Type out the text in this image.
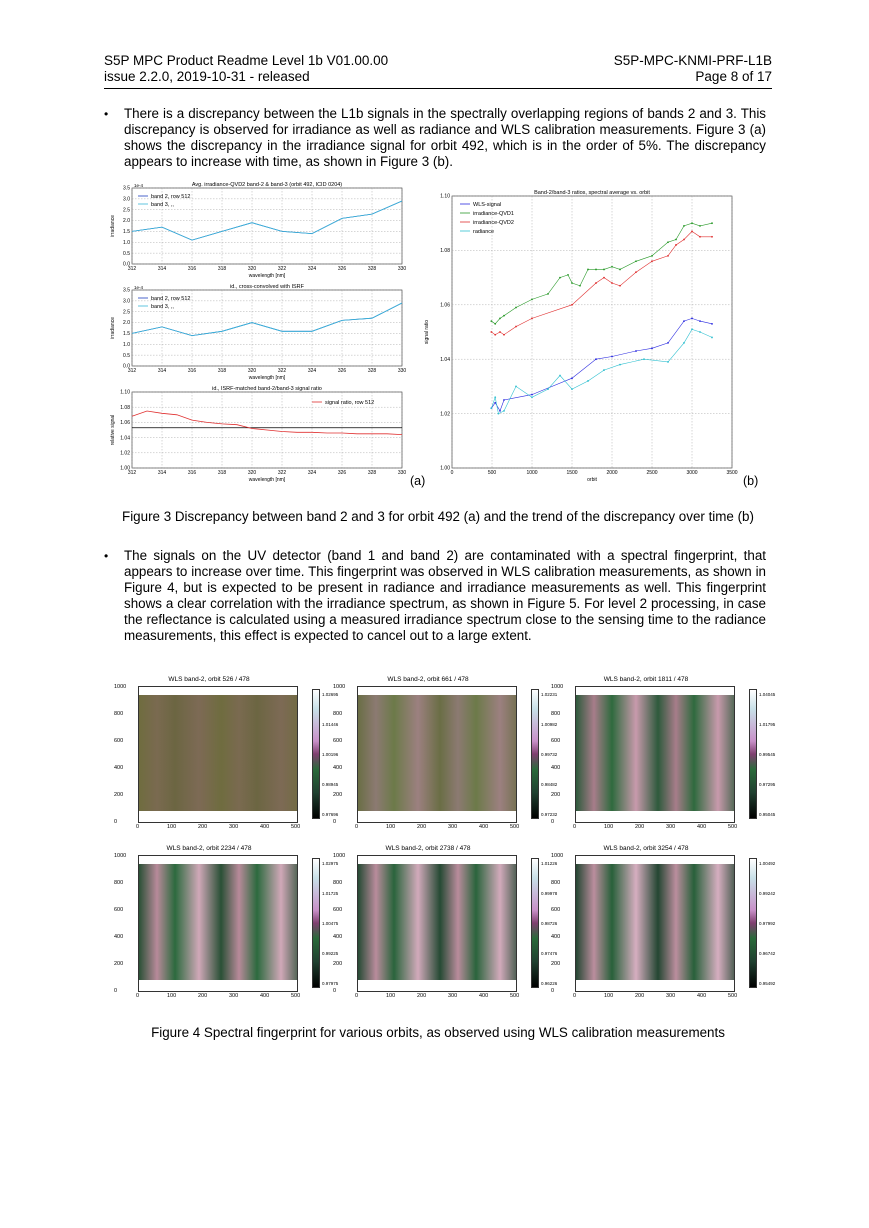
S5P MPC Product Readme Level 1b V01.00.00
issue 2.2.0, 2019-10-31 - released
S5P-MPC-KNMI-PRF-L1B
Page 8 of 17
• There is a discrepancy between the L1b signals in the spectrally overlapping regions of bands 2 and 3. This discrepancy is observed for irradiance as well as radiance and WLS calibration measurements. Figure 3 (a) shows the discrepancy in the irradiance signal for orbit 492, which is in the order of 5%. The discrepancy appears to increase with time, as shown in Figure 3 (b).
Avg. irradiance-QVD2 band-2 & band-3 (orbit 492, ICID 0204)
1e-4
312	314	316	318	320	322	324	326	328	330
0.0
0.5
1.0
1.5
2.0
2.5
3.0
3.5
wavelength [nm]
irradiance
band 2, row 512
band 3, ,,
id., cross-convolved with ISRF
1e-4
312	314	316	318	320	322	324	326	328	330
0.0
0.5
1.0
1.5
2.0
2.5
3.0
3.5
wavelength [nm]
irradiance
band 2, row 512
band 3, ,,
id., ISRF-matched band-2/band-3 signal ratio
312	314	316	318	320	322	324	326	328	330
1.00
1.02
1.04
1.06
1.08
1.10
wavelength [nm]
relative signal
signal ratio, row 512
(a)
Band-2/band-3 ratios, spectral average vs. orbit
0	500	1000	1500	2000	2500	3000	3500
1.00
1.02
1.04
1.06
1.08
1.10
orbit
signal ratio
WLS-signal
irradiance-QVD1
irradiance-QVD2
radiance
(b)
Figure 3 Discrepancy between band 2 and 3 for orbit 492 (a) and the trend of the discrepancy over time (b)
• The signals on the UV detector (band 1 and band 2) are contaminated with a spectral fingerprint, that appears to increase over time. This fingerprint was observed in WLS calibration measurements, as shown in Figure 4, but is expected to be present in radiance and irradiance measurements as well. This fingerprint shows a clear correlation with the irradiance spectrum, as shown in Figure 5. For level 2 processing, in case the reflectance is calculated using a measured irradiance spectrum close to the sensing time to the radiance measurements, this effect is expected to cancel out to a large extent.
WLS band-2, orbit 526 / 478
1000
800
600
400
200
0
0	100	200	300	400	500
1.02695
1.01446
1.00196
0.98945
0.97696
WLS band-2, orbit 661 / 478
1000
800
600
400
200
0
0	100	200	300	400	500
1.02231
1.00982
0.99732
0.98482
0.97232
WLS band-2, orbit 1811 / 478
1000
800
600
400
200
0
0	100	200	300	400	500
1.04045
1.01795
0.99545
0.97295
0.95045
WLS band-2, orbit 2234 / 478
1000
800
600
400
200
0
0	100	200	300	400	500
1.02975
1.01725
1.00475
0.99225
0.97975
WLS band-2, orbit 2738 / 478
1000
800
600
400
200
0
0	100	200	300	400	500
1.01226
0.99978
0.98726
0.97476
0.96226
WLS band-2, orbit 3254 / 478
1000
800
600
400
200
0
0	100	200	300	400	500
1.00492
0.99242
0.97992
0.96742
0.95492
Figure 4 Spectral fingerprint for various orbits, as observed using WLS calibration measurements
